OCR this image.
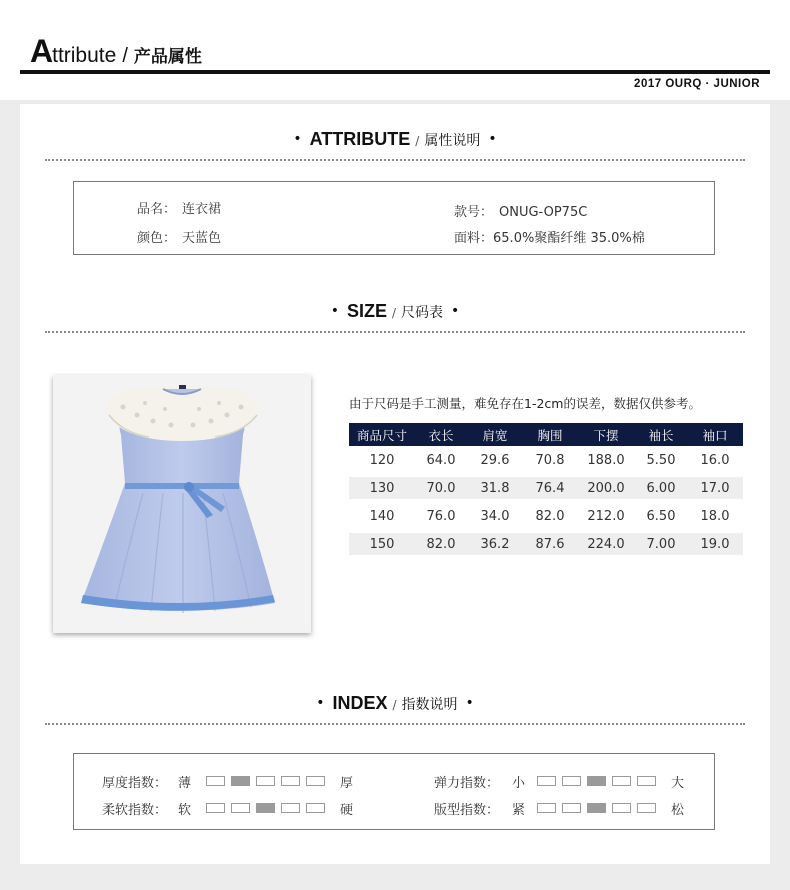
Attribute / 产品属性
2017 OURQ · JUNIOR
• ATTRIBUTE / 属性说明 •
品名： 连衣裙
颜色： 天蓝色
款号： ONUG-OP75C
面料：65.0%聚酯纤维 35.0%棉
• SIZE / 尺码表 •
由于尺码是手工测量，难免存在1-2cm的误差，数据仅供参考。
商品尺寸	衣长	肩宽	胸围	下摆	袖长	袖口
120	64.0	29.6	70.8	188.0	5.50	16.0
130	70.0	31.8	76.4	200.0	6.00	17.0
140	76.0	34.0	82.0	212.0	6.50	18.0
150	82.0	36.2	87.6	224.0	7.00	19.0
• INDEX / 指数说明 •
厚度指数： 薄	厚
柔软指数： 软	硬
弹力指数： 小	大
版型指数： 紧	松
